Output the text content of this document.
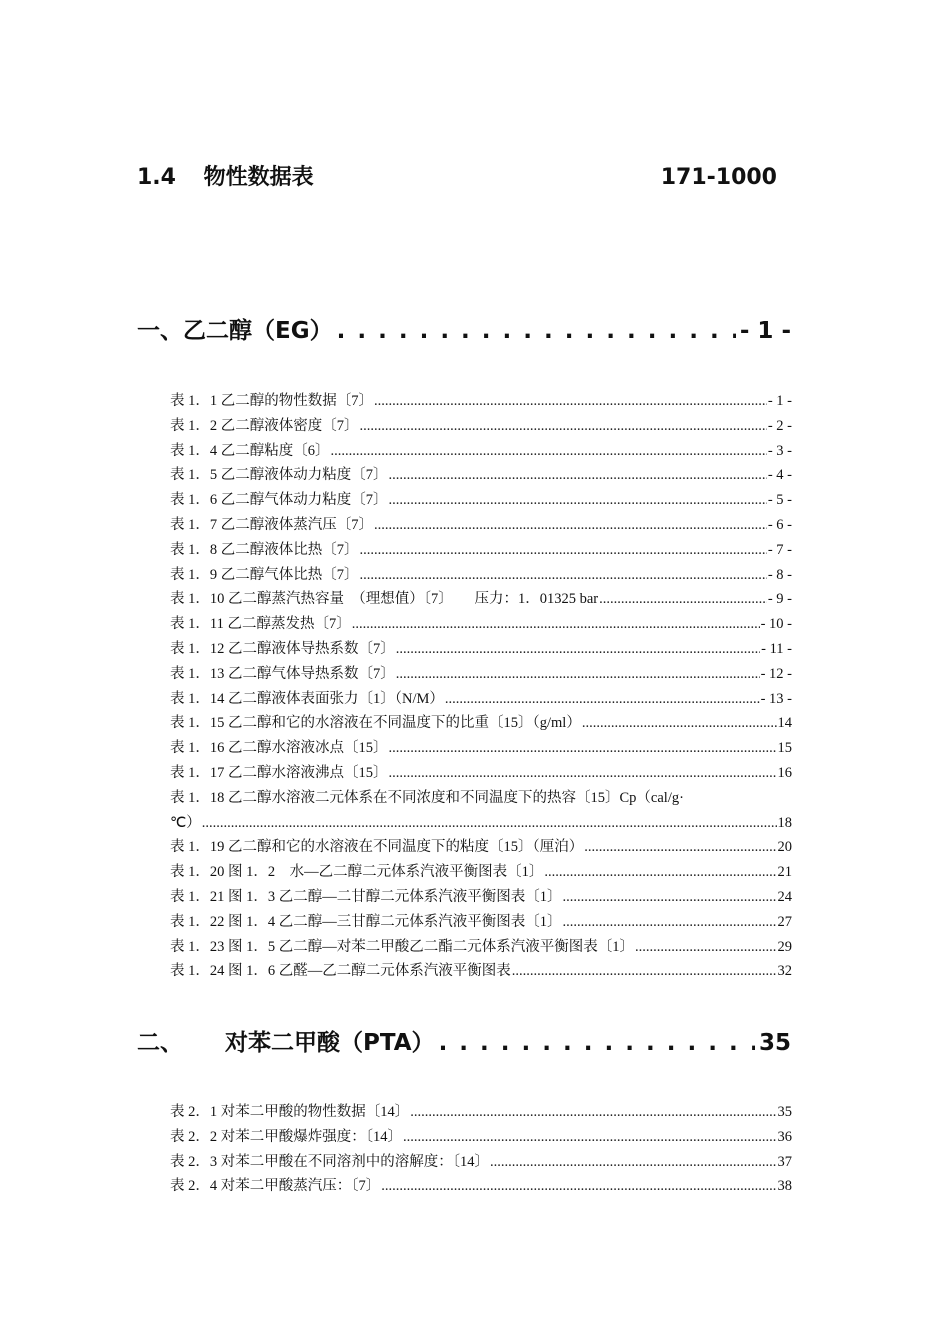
1.4 物性数据表	171-1000
一、乙二醇（EG） . . .	- 1 -
表 1．1 乙二醇的物性数据〔7〕 .....	- 1 -
表 1．2 乙二醇液体密度〔7〕 .....	- 2 -
表 1．4 乙二醇粘度〔6〕 .....	- 3 -
表 1．5 乙二醇液体动力粘度〔7〕 .....	- 4 -
表 1．6 乙二醇气体动力粘度〔7〕 .....	- 5 -
表 1．7 乙二醇液体蒸汽压〔7〕 .....	- 6 -
表 1．8 乙二醇液体比热〔7〕 .....	- 7 -
表 1．9 乙二醇气体比热〔7〕 .....	- 8 -
表 1．10 乙二醇蒸汽热容量　（理想值）〔7〕　　压力：1．01325 bar .....	- 9 -
表 1．11 乙二醇蒸发热〔7〕 .....	- 10 -
表 1．12 乙二醇液体导热系数〔7〕 .....	- 11 -
表 1．13 乙二醇气体导热系数〔7〕 .....	- 12 -
表 1．14 乙二醇液体表面张力〔1〕（N/M） .....	- 13 -
表 1．15 乙二醇和它的水溶液在不同温度下的比重〔15〕（g/ml） .....	14
表 1．16 乙二醇水溶液冰点〔15〕 .....	15
表 1．17 乙二醇水溶液沸点〔15〕 .....	16
表 1．18 乙二醇水溶液二元体系在不同浓度和不同温度下的热容〔15〕Cp（cal/g·
℃） .....	18
表 1．19 乙二醇和它的水溶液在不同温度下的粘度〔15〕（厘泊） .....	20
表 1．20 图 1．2　水—乙二醇二元体系汽液平衡图表〔1〕 .....	21
表 1．21 图 1．3 乙二醇—二甘醇二元体系汽液平衡图表〔1〕 .....	24
表 1．22 图 1．4 乙二醇—三甘醇二元体系汽液平衡图表〔1〕 .....	27
表 1．23 图 1．5 乙二醇—对苯二甲酸乙二酯二元体系汽液平衡图表〔1〕 .....	29
表 1．24 图 1．6 乙醛—乙二醇二元体系汽液平衡图表 .....	32
二、 对苯二甲酸（PTA） . . .	35
表 2．1 对苯二甲酸的物性数据〔14〕 .....	35
表 2．2 对苯二甲酸爆炸强度：〔14〕 .....	36
表 2．3 对苯二甲酸在不同溶剂中的溶解度：〔14〕 .....	37
表 2．4 对苯二甲酸蒸汽压：〔7〕 .....	38
